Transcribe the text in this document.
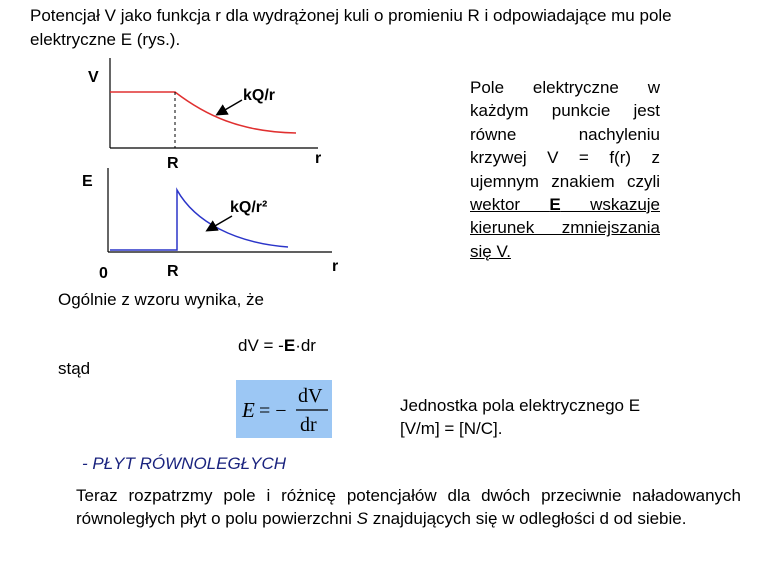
Potencjał V jako funkcja r dla wydrążonej kuli o promieniu R i odpowiadające mu pole elektryczne E (rys.).
V
kQ/r
R	r
E
kQ/r²
R	r
0
Pole elektryczne w każdym punkcie jest równe nachyleniu krzywej V = f(r) z ujemnym znakiem czyli wektor E wskazuje kierunek zmniejszania się V.
Ogólnie z wzoru wynika, że
dV = -E·dr
stąd
E = −
dV
dr
Jednostka pola elektrycznego E
[V/m] = [N/C].
- PŁYT RÓWNOLEGŁYCH
Teraz rozpatrzmy pole i różnicę potencjałów dla dwóch przeciwnie naładowanych równoległych płyt o polu powierzchni S znajdujących się w odległości d od siebie.
